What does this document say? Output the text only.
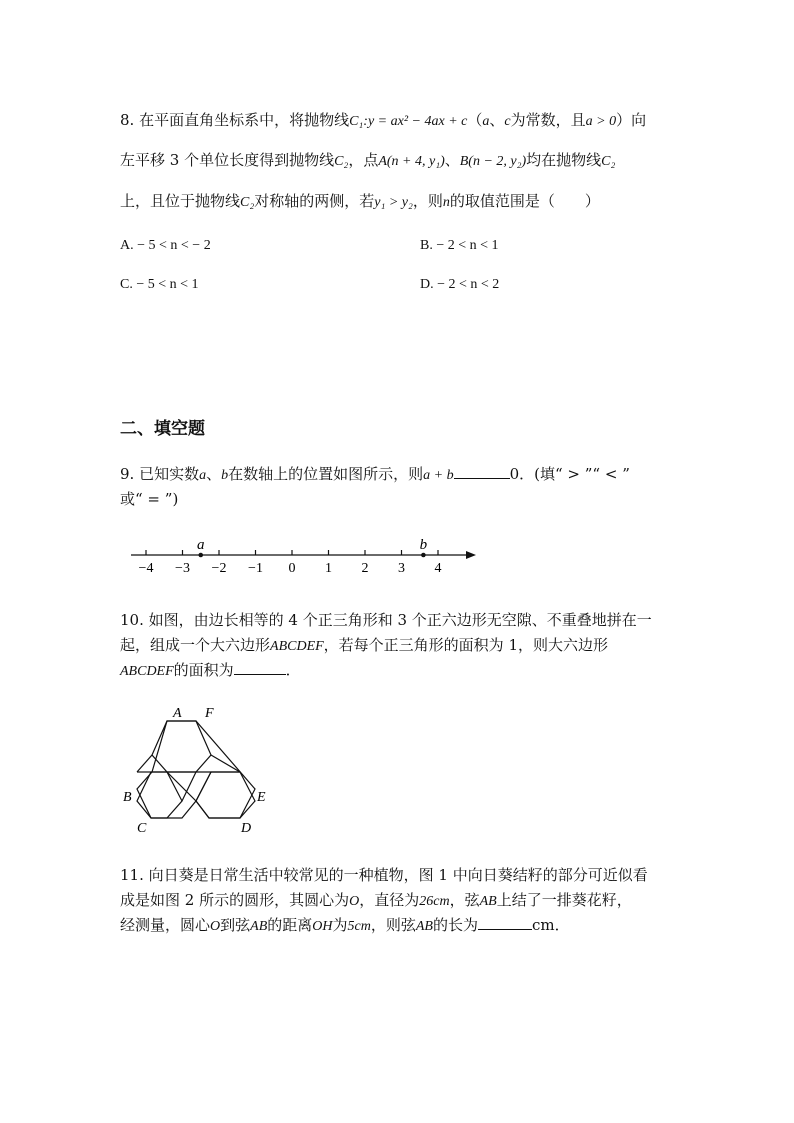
8. 在平面直角坐标系中，将抛物线C₁:y = ax² − 4ax + c（a、c为常数，且a > 0）向
左平移 3 个单位长度得到抛物线C₂，点A(n + 4, y₁)、B(n − 2, y₂)均在抛物线C₂
上，且位于抛物线C₂对称轴的两侧，若y₁ > y₂，则n的取值范围是（　　）
A. − 5 < n < − 2	B. − 2 < n < 1
C. − 5 < n < 1	D. − 2 < n < 2
二、填空题
9. 已知实数a、b在数轴上的位置如图所示，则a + b	0．(填“ > ”“ < ”
或“ = ”)
−4 −3 −2 −1 0 1 2 3 4
a	b
10. 如图，由边长相等的 4 个正三角形和 3 个正六边形无空隙、不重叠地拼在一
起，组成一个大六边形ABCDEF，若每个正三角形的面积为 1，则大六边形
ABCDEF的面积为	．
A F
B	E
C	D
11. 向日葵是日常生活中较常见的一种植物，图 1 中向日葵结籽的部分可近似看
成是如图 2 所示的圆形，其圆心为O，直径为26cm，弦AB上结了一排葵花籽，
经测量，圆心O到弦AB的距离OH为5cm，则弦AB的长为	cm．
